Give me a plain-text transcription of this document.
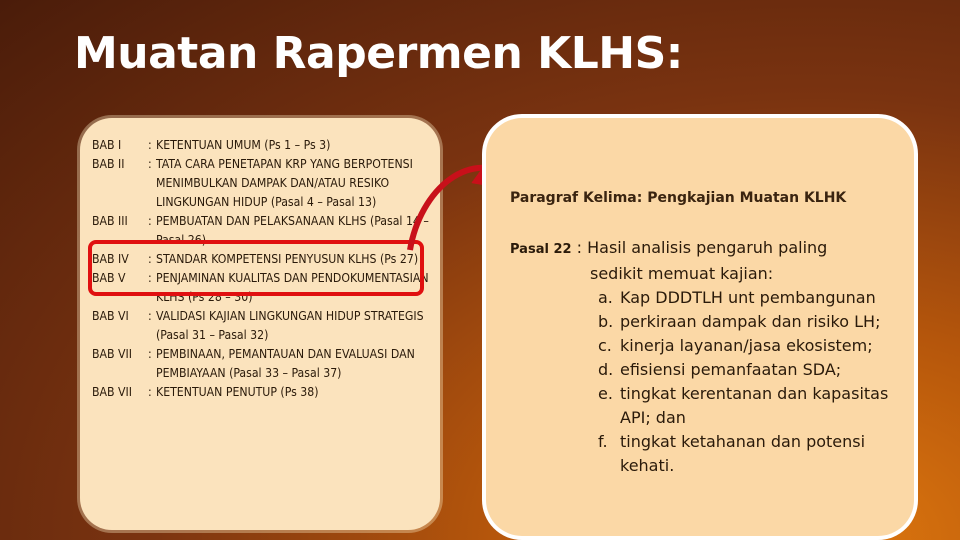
Muatan Rapermen KLHS:
BAB I	: KETENTUAN UMUM (Ps 1 – Ps 3)
BAB II	: TATA CARA PENETAPAN KRP YANG BERPOTENSI MENIMBULKAN DAMPAK DAN/ATAU RESIKO LINGKUNGAN HIDUP (Pasal 4 – Pasal 13)
BAB III	: PEMBUATAN DAN PELAKSANAAN KLHS (Pasal 14 – Pasal 26)
BAB IV	: STANDAR KOMPETENSI PENYUSUN KLHS (Ps 27)
BAB V	: PENJAMINAN KUALITAS DAN PENDOKUMENTASIAN KLHS (Ps 28 – 30)
BAB VI	: VALIDASI KAJIAN LINGKUNGAN HIDUP STRATEGIS (Pasal 31 – Pasal 32)
BAB VII	: PEMBINAAN, PEMANTAUAN DAN EVALUASI DAN PEMBIAYAAN (Pasal 33 – Pasal 37)
BAB VII	: KETENTUAN PENUTUP (Ps 38)
Paragraf Kelima: Pengkajian Muatan KLHK
Pasal 22 : Hasil analisis pengaruh paling
sedikit memuat kajian:
a. Kap DDDTLH unt pembangunan
b. perkiraan dampak dan risiko LH;
c. kinerja layanan/jasa ekosistem;
d. efisiensi pemanfaatan SDA;
e. tingkat kerentanan dan kapasitas API; dan
f. tingkat ketahanan dan potensi kehati.
